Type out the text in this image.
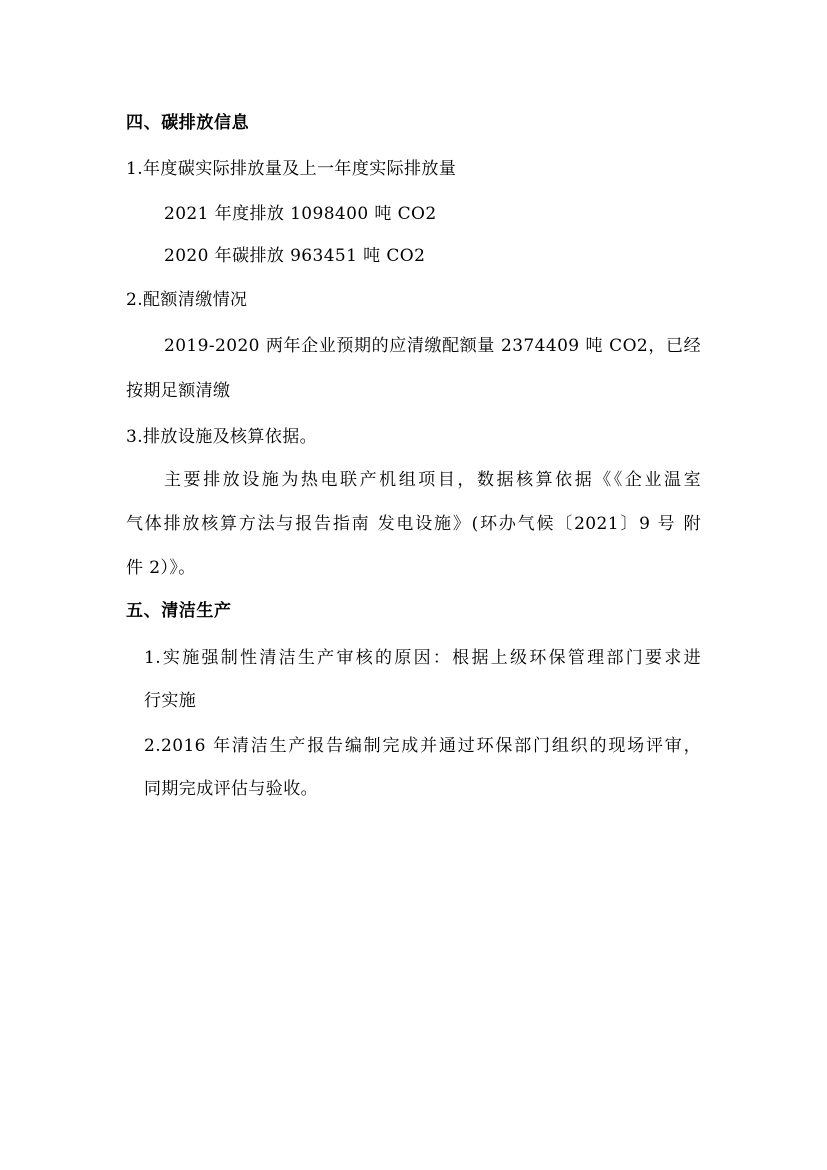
四、碳排放信息
1.年度碳实际排放量及上一年度实际排放量
2021 年度排放 1098400 吨 CO2
2020 年碳排放 963451 吨 CO2
2.配额清缴情况
2019-2020 两年企业预期的应清缴配额量 2374409 吨 CO2，已经
按期足额清缴
3.排放设施及核算依据。
主要排放设施为热电联产机组项目，数据核算依据《《企业温室
气体排放核算方法与报告指南 发电设施》(环办气候〔2021〕9 号 附
件 2）》。
五、清洁生产
1.实施强制性清洁生产审核的原因：根据上级环保管理部门要求进
行实施
2.2016 年清洁生产报告编制完成并通过环保部门组织的现场评审，
同期完成评估与验收。
